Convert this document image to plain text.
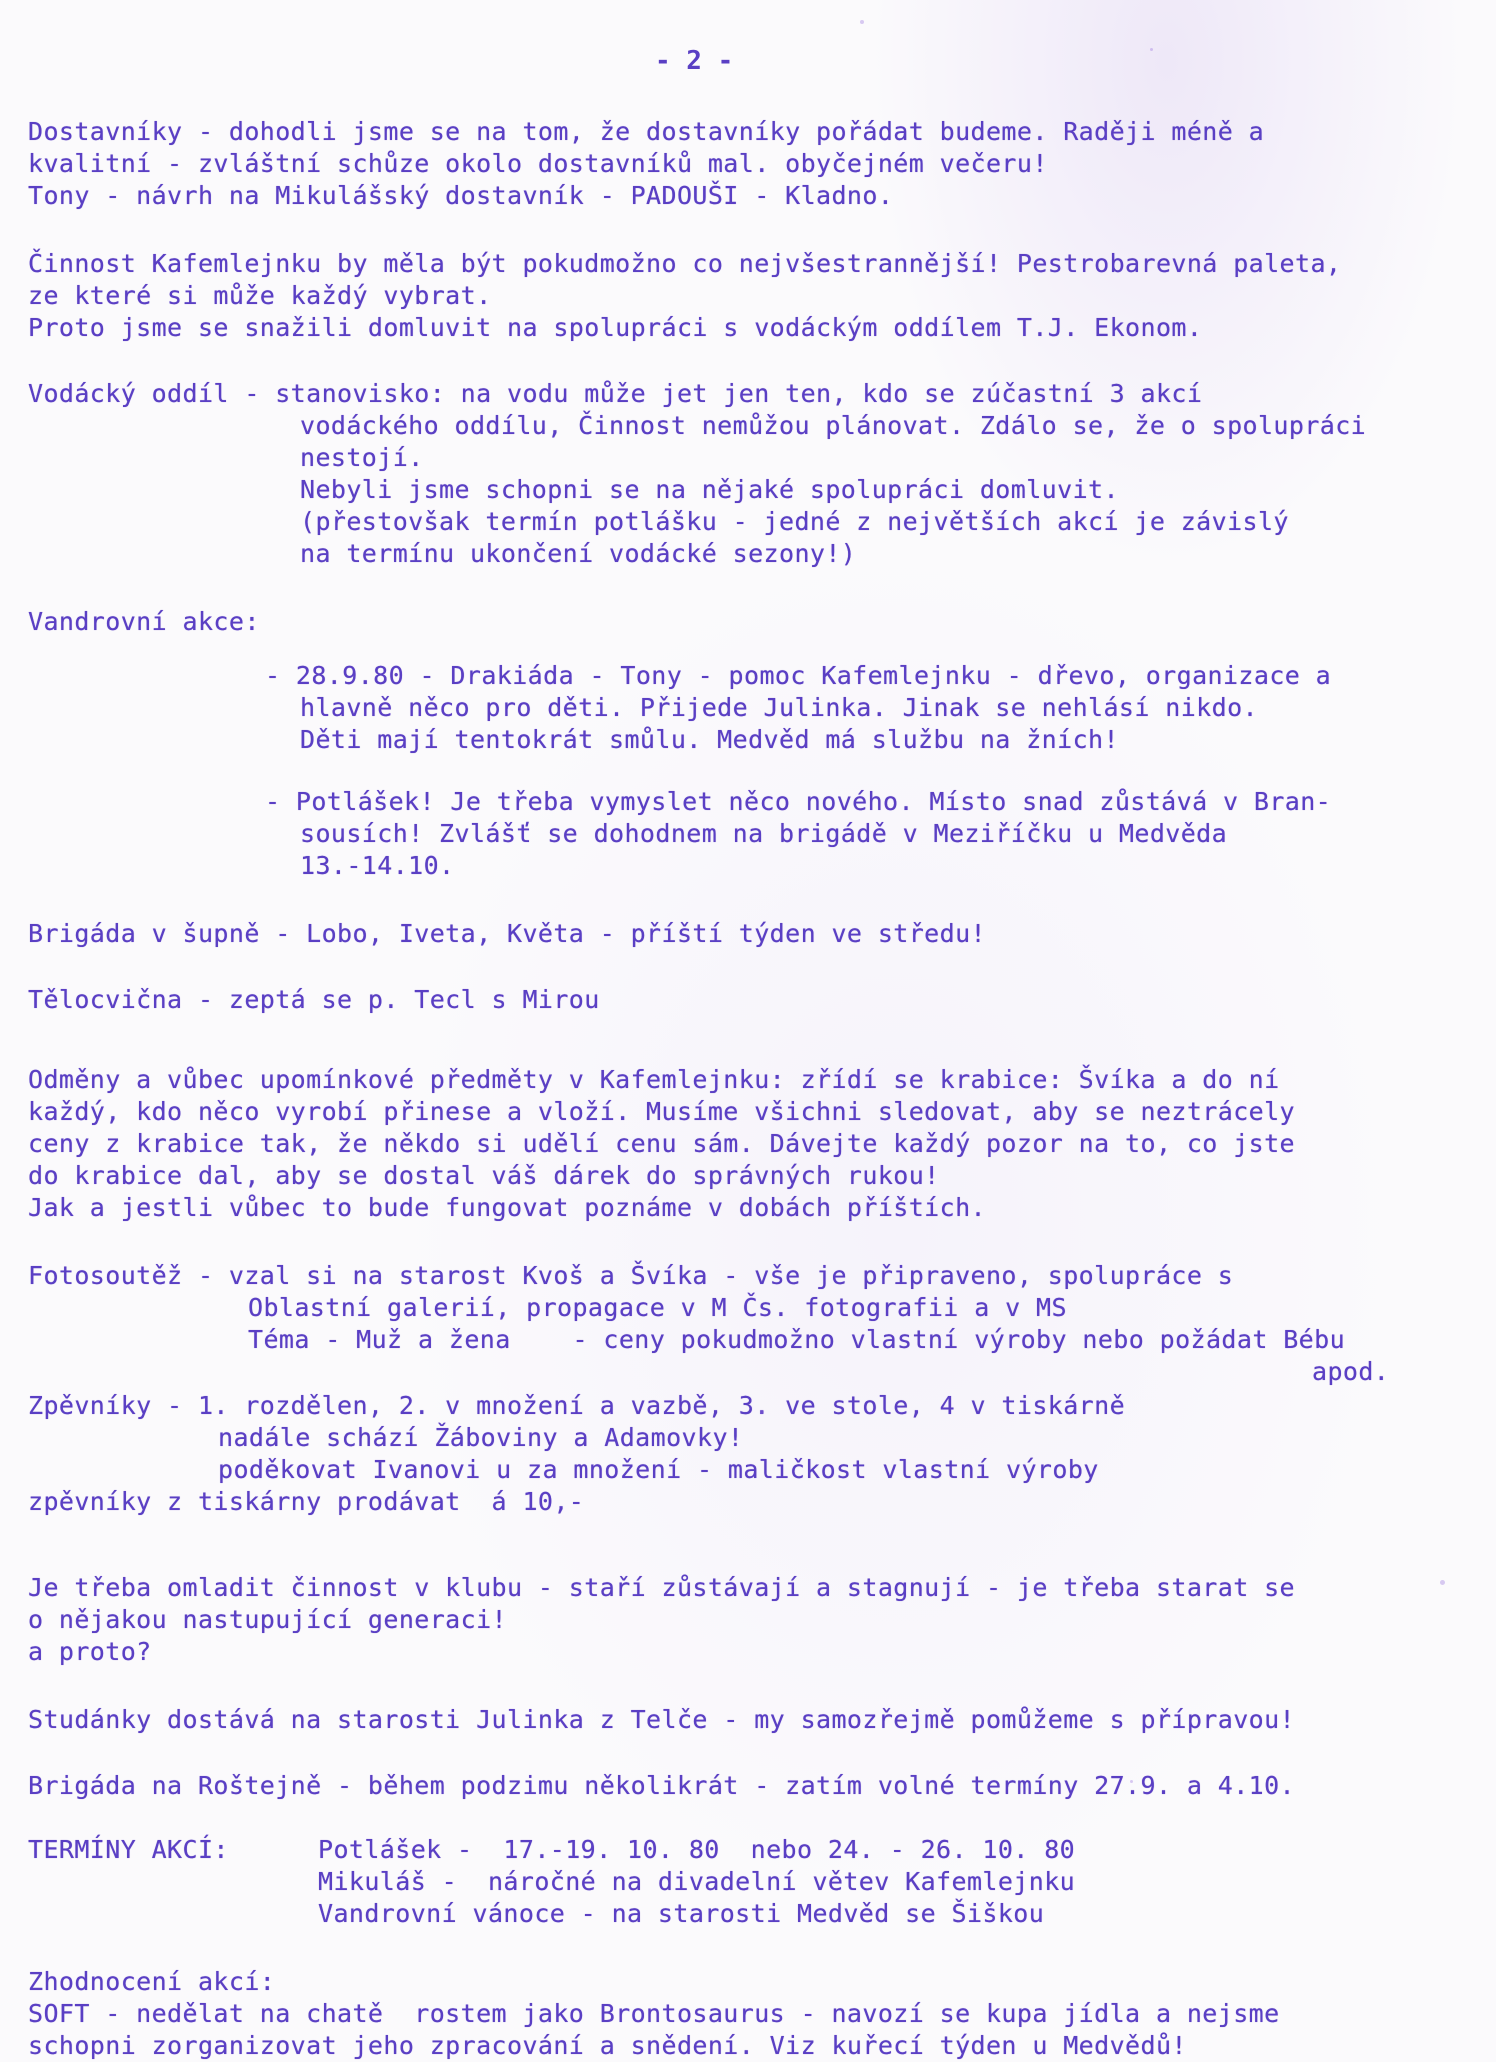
- 2 -
Dostavníky - dohodli jsme se na tom, že dostavníky pořádat budeme. Raději méně a
kvalitní - zvláštní schůze okolo dostavníků mal. obyčejném večeru!
Tony - návrh na Mikulášský dostavník - PADOUŠI - Kladno.
Činnost Kafemlejnku by měla být pokudmožno co nejvšestrannější! Pestrobarevná paleta,
ze které si může každý vybrat.
Proto jsme se snažili domluvit na spolupráci s vodáckým oddílem T.J. Ekonom.
Vodácký oddíl - stanovisko: na vodu může jet jen ten, kdo se zúčastní 3 akcí
vodáckého oddílu, Činnost nemůžou plánovat. Zdálo se, že o spolupráci
nestojí.
Nebyli jsme schopni se na nějaké spolupráci domluvit.
(přestovšak termín potlášku - jedné z největších akcí je závislý
na termínu ukončení vodácké sezony!)
Vandrovní akce:
- 28.9.80 - Drakiáda - Tony - pomoc Kafemlejnku - dřevo, organizace a
hlavně něco pro děti. Přijede Julinka. Jinak se nehlásí nikdo.
Děti mají tentokrát smůlu. Medvěd má službu na žních!
- Potlášek! Je třeba vymyslet něco nového. Místo snad zůstává v Bran-
sousích! Zvlášť se dohodnem na brigádě v Meziříčku u Medvěda
13.-14.10.
Brigáda v šupně - Lobo, Iveta, Květa - příští týden ve středu!
Tělocvična - zeptá se p. Tecl s Mirou
Odměny a vůbec upomínkové předměty v Kafemlejnku: zřídí se krabice: Švíka a do ní
každý, kdo něco vyrobí přinese a vloží. Musíme všichni sledovat, aby se neztrácely
ceny z krabice tak, že někdo si udělí cenu sám. Dávejte každý pozor na to, co jste
do krabice dal, aby se dostal váš dárek do správných rukou!
Jak a jestli vůbec to bude fungovat poznáme v dobách příštích.
Fotosoutěž - vzal si na starost Kvoš a Švíka - vše je připraveno, spolupráce s
Oblastní galerií, propagace v M Čs. fotografii a v MS
Téma - Muž a žena    - ceny pokudmožno vlastní výroby nebo požádat Bébu
apod.
Zpěvníky - 1. rozdělen, 2. v množení a vazbě, 3. ve stole, 4 v tiskárně
nadále schází Žáboviny a Adamovky!
poděkovat Ivanovi u za množení - maličkost vlastní výroby
zpěvníky z tiskárny prodávat  á 10,-
Je třeba omladit činnost v klubu - staří zůstávají a stagnují - je třeba starat se
o nějakou nastupující generaci!
a proto?
Studánky dostává na starosti Julinka z Telče - my samozřejmě pomůžeme s přípravou!
Brigáda na Roštejně - během podzimu několikrát - zatím volné termíny 27.9. a 4.10.
TERMÍNY AKCÍ:	Potlášek -  17.-19. 10. 80  nebo 24. - 26. 10. 80
Mikuláš -  náročné na divadelní větev Kafemlejnku
Vandrovní vánoce - na starosti Medvěd se Šiškou
Zhodnocení akcí:
SOFT - nedělat na chatě  rostem jako Brontosaurus - navozí se kupa jídla a nejsme
schopni zorganizovat jeho zpracování a snědení. Viz kuřecí týden u Medvědů!
